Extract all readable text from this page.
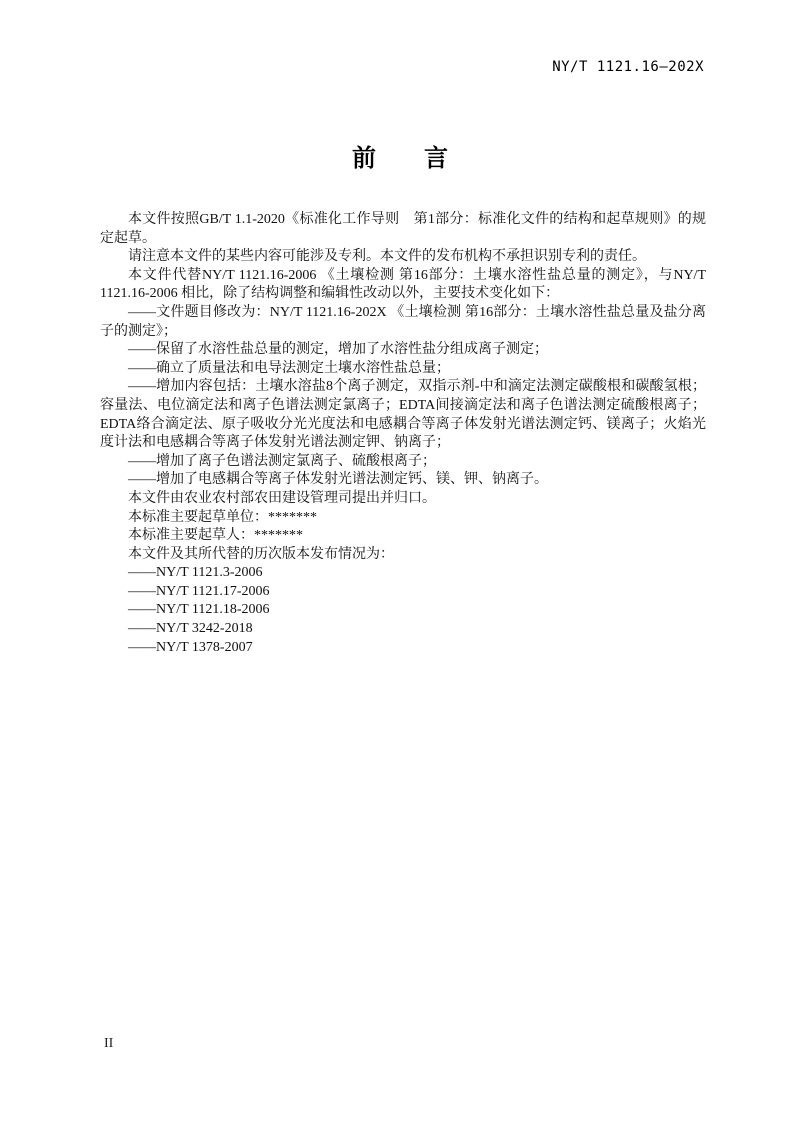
NY/T 1121.16—202X
前　　言

本文件按照GB/T 1.1-2020《标准化工作导则　第1部分：标准化文件的结构和起草规则》的规定起草。

请注意本文件的某些内容可能涉及专利。本文件的发布机构不承担识别专利的责任。

本文件代替NY/T 1121.16-2006 《土壤检测 第16部分：土壤水溶性盐总量的测定》，与NY/T 1121.16-2006 相比，除了结构调整和编辑性改动以外，主要技术变化如下：

——文件题目修改为：NY/T 1121.16-202X 《土壤检测 第16部分：土壤水溶性盐总量及盐分离子的测定》；

——保留了水溶性盐总量的测定，增加了水溶性盐分组成离子测定；

——确立了质量法和电导法测定土壤水溶性盐总量；

——增加内容包括：土壤水溶盐8个离子测定，双指示剂-中和滴定法测定碳酸根和碳酸氢根；容量法、电位滴定法和离子色谱法测定氯离子；EDTA间接滴定法和离子色谱法测定硫酸根离子；EDTA络合滴定法、原子吸收分光光度法和电感耦合等离子体发射光谱法测定钙、镁离子；火焰光度计法和电感耦合等离子体发射光谱法测定钾、钠离子；

——增加了离子色谱法测定氯离子、硫酸根离子；

——增加了电感耦合等离子体发射光谱法测定钙、镁、钾、钠离子。

本文件由农业农村部农田建设管理司提出并归口。

本标准主要起草单位：*******

本标准主要起草人：*******

本文件及其所代替的历次版本发布情况为：

——NY/T 1121.3-2006

——NY/T 1121.17-2006

——NY/T 1121.18-2006

——NY/T 3242-2018

——NY/T 1378-2007

II
